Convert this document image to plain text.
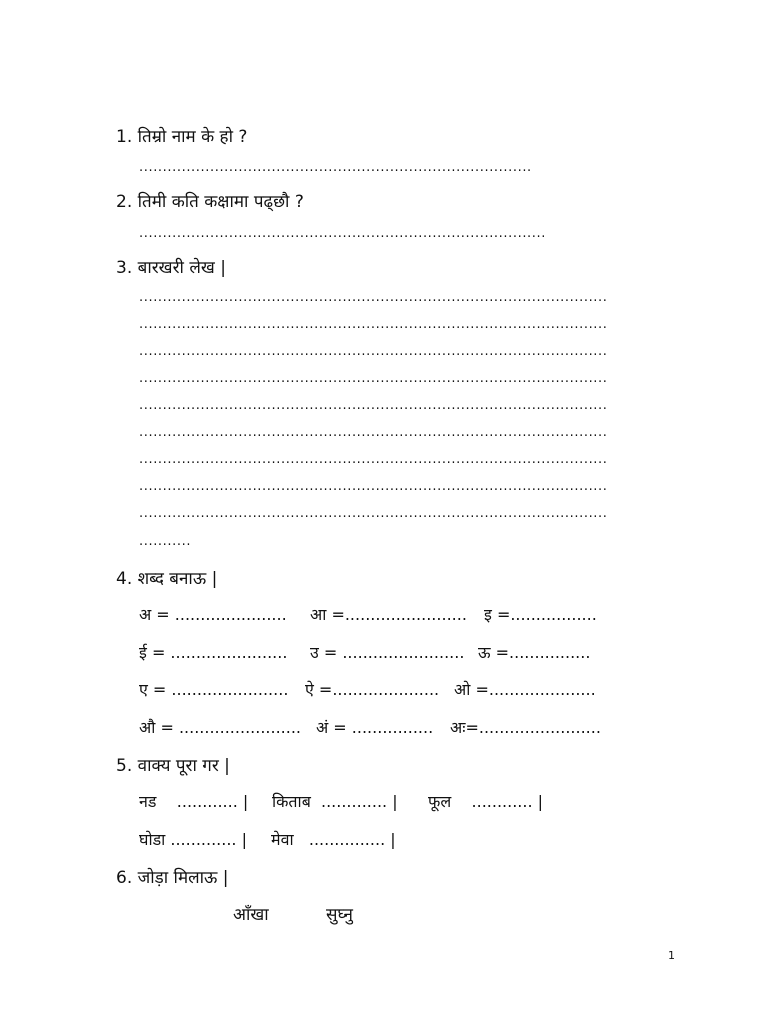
1. तिम्रो नाम के हो ?
...................................................................................
2. तिमी कति कक्षामा पढ्छौ ?
......................................................................................
3. बारखरी लेख |
...................................................................................................
...................................................................................................
...................................................................................................
...................................................................................................
...................................................................................................
...................................................................................................
...................................................................................................
...................................................................................................
...................................................................................................
...........
4. शब्द बनाऊ |
अ = ...................... आ =........................ इ =.................
ई = ....................... उ = ........................ ऊ =................
ए = ....................... ऐ =..................... ओ =.....................
औ = ........................ अं = ................ अः=........................
5. वाक्य पूरा गर |
नड    ............ | किताब  ............. | फूल    ............ |
घोडा ............. | मेवा   ............... |
6. जोड़ा मिलाऊ |
आँखा	सुघ्नु
1
